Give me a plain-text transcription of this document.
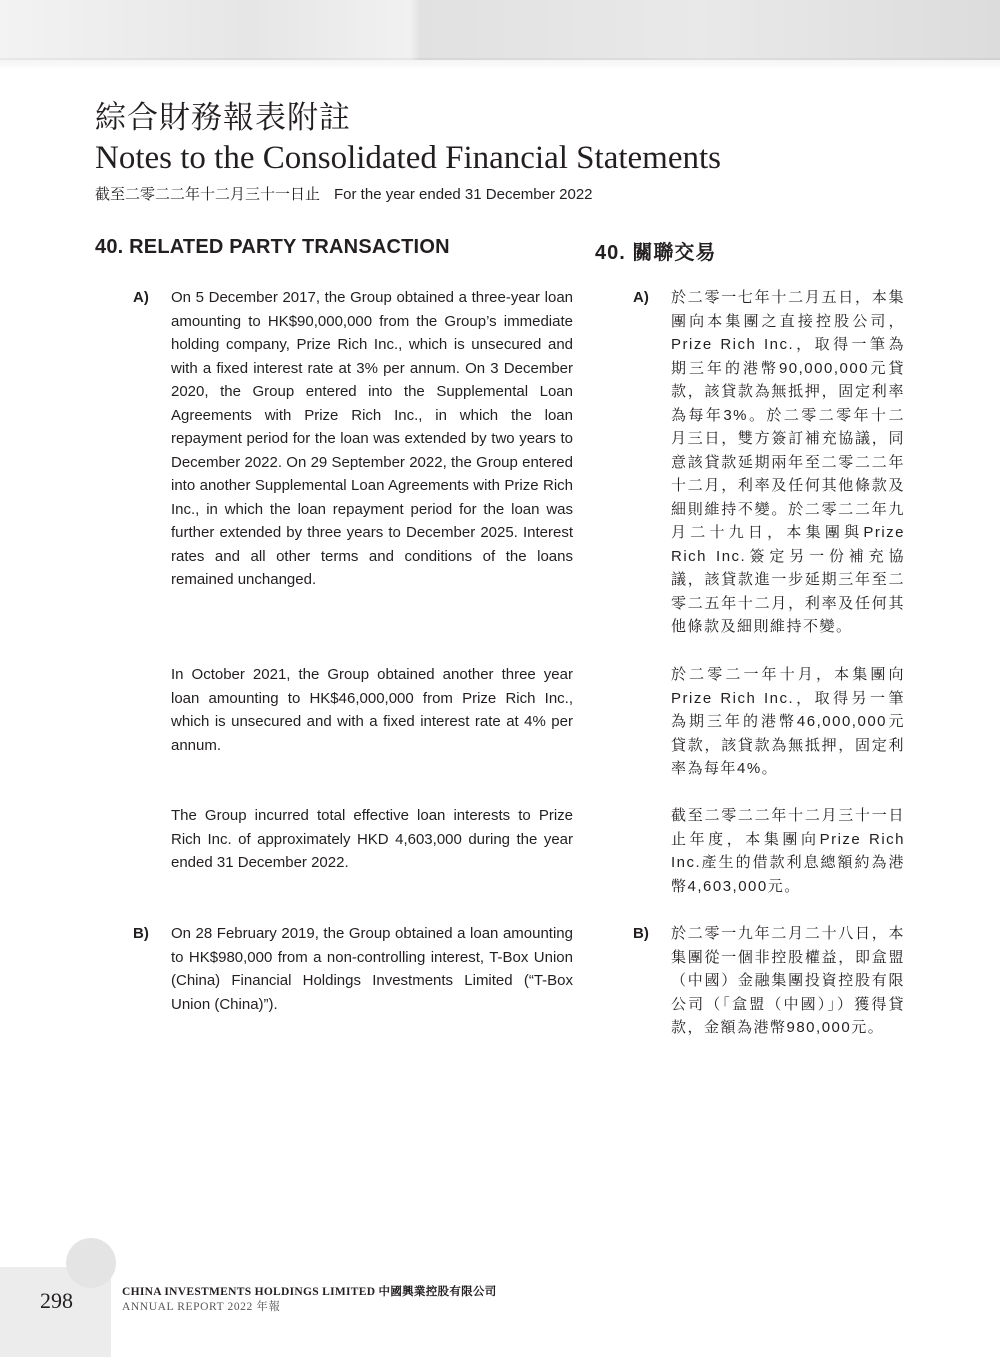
綜合財務報表附註
Notes to the Consolidated Financial Statements
截至二零二二年十二月三十一日止 For the year ended 31 December 2022
40. RELATED PARTY TRANSACTION	40. 關聯交易
A) On 5 December 2017, the Group obtained a three-year loan amounting to HK$90,000,000 from the Group’s immediate holding company, Prize Rich Inc., which is unsecured and with a fixed interest rate at 3% per annum. On 3 December 2020, the Group entered into the Supplemental Loan Agreements with Prize Rich Inc., in which the loan repayment period for the loan was extended by two years to December 2022. On 29 September 2022, the Group entered into another Supplemental Loan Agreements with Prize Rich Inc., in which the loan repayment period for the loan was further extended by three years to December 2025. Interest rates and all other terms and conditions of the loans remained unchanged.

In October 2021, the Group obtained another three year loan amounting to HK$46,000,000 from Prize Rich Inc., which is unsecured and with a fixed interest rate at 4% per annum.

The Group incurred total effective loan interests to Prize Rich Inc. of approximately HKD 4,603,000 during the year ended 31 December 2022.

B) On 28 February 2019, the Group obtained a loan amounting to HK$980,000 from a non-controlling interest, T-Box Union (China) Financial Holdings Investments Limited (“T-Box Union (China)”).

A) 於二零一七年十二月五日，本集團向本集團之直接控股公司，Prize Rich Inc.，取得一筆為期三年的港幣90,000,000元貸款，該貸款為無抵押，固定利率為每年3%。於二零二零年十二月三日，雙方簽訂補充協議，同意該貸款延期兩年至二零二二年十二月，利率及任何其他條款及細則維持不變。於二零二二年九月二十九日，本集團與Prize Rich Inc.簽定另一份補充協議，該貸款進一步延期三年至二零二五年十二月，利率及任何其他條款及細則維持不變。

於二零二一年十月，本集團向Prize Rich Inc.，取得另一筆為期三年的港幣46,000,000元貸款，該貸款為無抵押，固定利率為每年4%。

截至二零二二年十二月三十一日止年度，本集團向Prize Rich Inc.產生的借款利息總額約為港幣4,603,000元。

B) 於二零一九年二月二十八日，本集團從一個非控股權益，即盒盟（中國）金融集團投資控股有限公司（「盒盟（中國）」）獲得貸款，金額為港幣980,000元。

298	CHINA INVESTMENTS HOLDINGS LIMITED 中國興業控股有限公司
ANNUAL REPORT 2022 年報
